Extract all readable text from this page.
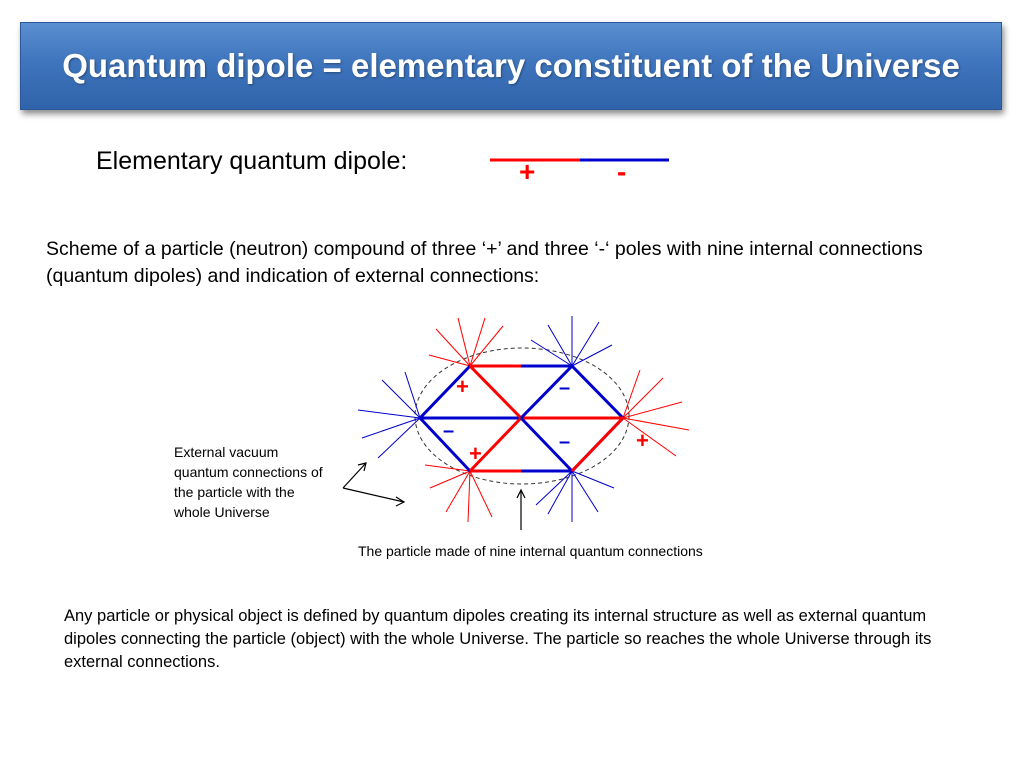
Quantum dipole = elementary constituent of the Universe
Elementary quantum dipole:	+	-
Scheme of a particle (neutron) compound of three ‘+’ and three ‘-‘ poles with nine internal connections (quantum dipoles) and indication of external connections:
+	–
–
+	–	+
External vacuum quantum connections of the particle with the whole Universe
The particle made of nine internal quantum connections
Any particle or physical object is defined by quantum dipoles creating its internal structure as well as external quantum dipoles connecting the particle (object) with the whole Universe. The particle so reaches the whole Universe through its external connections.
